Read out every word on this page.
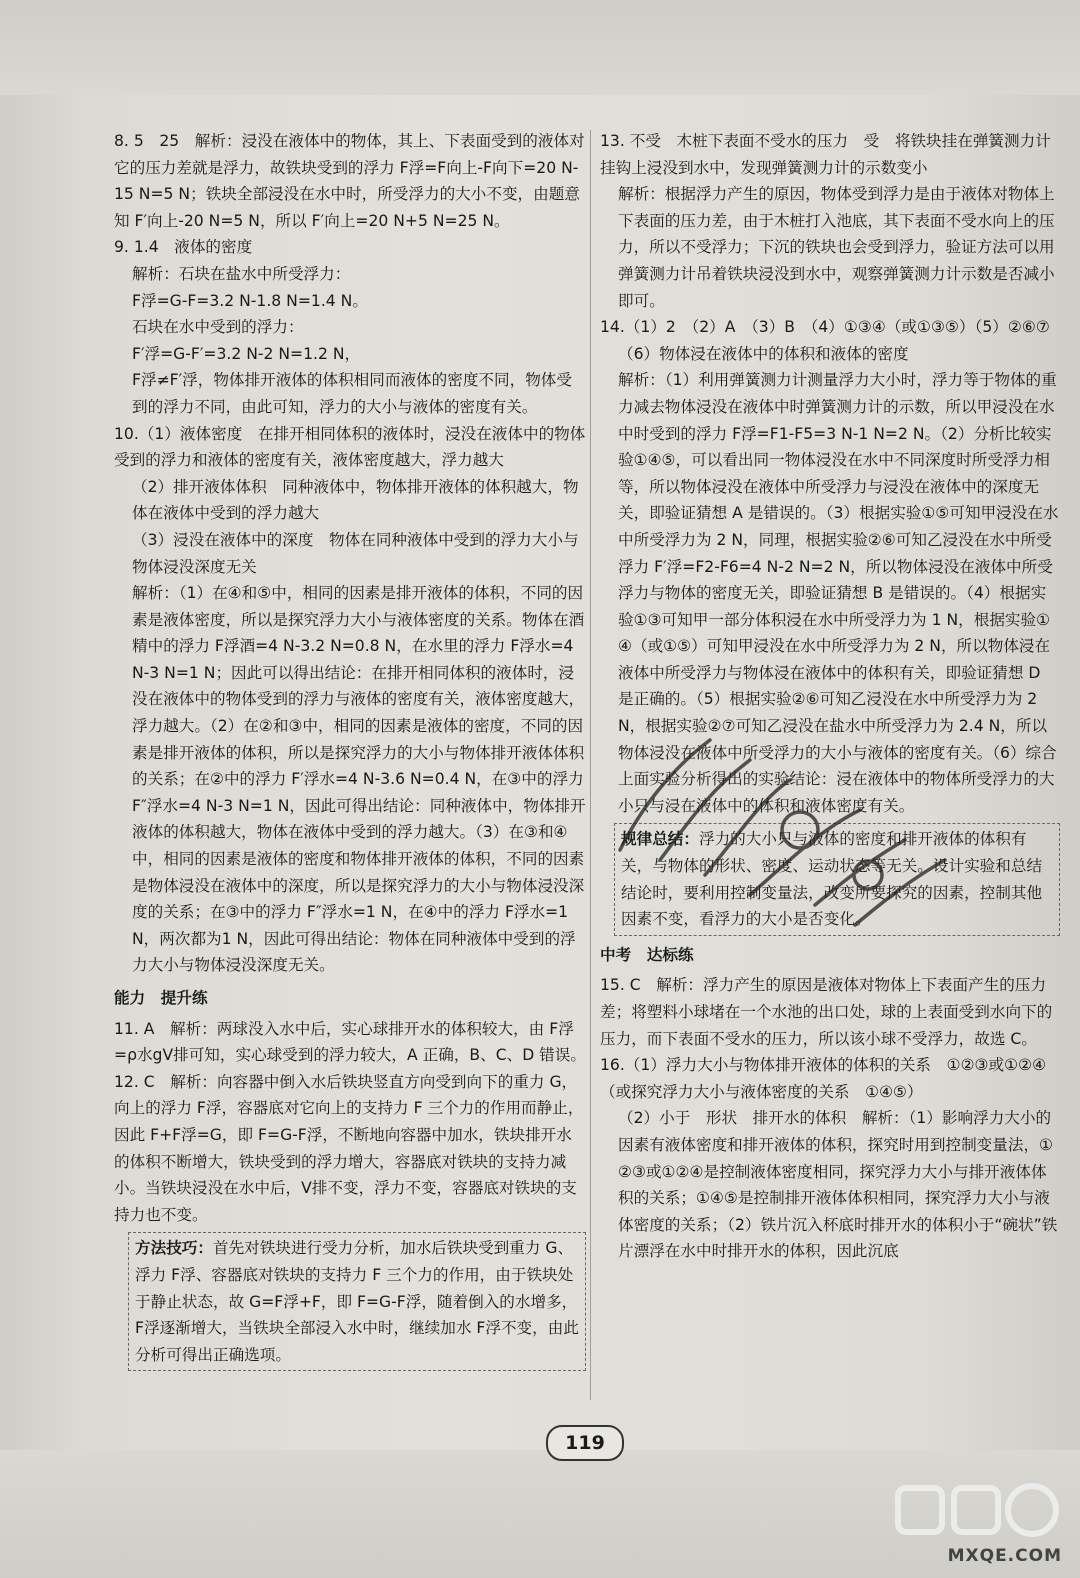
8. 5　25　解析：浸没在液体中的物体，其上、下表面受到的液体对它的压力差就是浮力，故铁块受到的浮力 F浮=F向上-F向下=20 N-15 N=5 N；铁块全部浸没在水中时，所受浮力的大小不变，由题意知 F′向上-20 N=5 N，所以 F′向上=20 N+5 N=25 N。

9. 1.4　液体的密度

解析：石块在盐水中所受浮力：

F浮=G-F=3.2 N-1.8 N=1.4 N。

石块在水中受到的浮力：

F′浮=G-F′=3.2 N-2 N=1.2 N，

F浮≠F′浮，物体排开液体的体积相同而液体的密度不同，物体受到的浮力不同，由此可知，浮力的大小与液体的密度有关。

10.（1）液体密度　在排开相同体积的液体时，浸没在液体中的物体受到的浮力和液体的密度有关，液体密度越大，浮力越大

（2）排开液体体积　同种液体中，物体排开液体的体积越大，物体在液体中受到的浮力越大

（3）浸没在液体中的深度　物体在同种液体中受到的浮力大小与物体浸没深度无关

解析：（1）在④和⑤中，相同的因素是排开液体的体积，不同的因素是液体密度，所以是探究浮力大小与液体密度的关系。物体在酒精中的浮力 F浮酒=4 N-3.2 N=0.8 N，在水里的浮力 F浮水=4 N-3 N=1 N；因此可以得出结论：在排开相同体积的液体时，浸没在液体中的物体受到的浮力与液体的密度有关，液体密度越大，浮力越大。（2）在②和③中，相同的因素是液体的密度，不同的因素是排开液体的体积，所以是探究浮力的大小与物体排开液体体积的关系；在②中的浮力 F′浮水=4 N-3.6 N=0.4 N，在③中的浮力 F″浮水=4 N-3 N=1 N，因此可得出结论：同种液体中，物体排开液体的体积越大，物体在液体中受到的浮力越大。（3）在③和④中，相同的因素是液体的密度和物体排开液体的体积，不同的因素是物体浸没在液体中的深度，所以是探究浮力的大小与物体浸没深度的关系；在③中的浮力 F″浮水=1 N，在④中的浮力 F浮水=1 N，两次都为1 N，因此可得出结论：物体在同种液体中受到的浮力大小与物体浸没深度无关。

能力　提升练

11. A　解析：两球没入水中后，实心球排开水的体积较大，由 F浮=ρ水gV排可知，实心球受到的浮力较大，A 正确，B、C、D 错误。

12. C　解析：向容器中倒入水后铁块竖直方向受到向下的重力 G，向上的浮力 F浮，容器底对它向上的支持力 F 三个力的作用而静止，因此 F+F浮=G，即 F=G-F浮，不断地向容器中加水，铁块排开水的体积不断增大，铁块受到的浮力增大，容器底对铁块的支持力减小。当铁块浸没在水中后，V排不变，浮力不变，容器底对铁块的支持力也不变。

方法技巧：首先对铁块进行受力分析，加水后铁块受到重力 G、浮力 F浮、容器底对铁块的支持力 F 三个力的作用，由于铁块处于静止状态，故 G=F浮+F，即 F=G-F浮，随着倒入的水增多，F浮逐渐增大，当铁块全部浸入水中时，继续加水 F浮不变，由此分析可得出正确选项。

13. 不受　木桩下表面不受水的压力　受　将铁块挂在弹簧测力计挂钩上浸没到水中，发现弹簧测力计的示数变小

解析：根据浮力产生的原因，物体受到浮力是由于液体对物体上下表面的压力差，由于木桩打入池底，其下表面不受水向上的压力，所以不受浮力；下沉的铁块也会受到浮力，验证方法可以用弹簧测力计吊着铁块浸没到水中，观察弹簧测力计示数是否减小即可。

14.（1）2　（2）A　（3）B　（4）①③④（或①③⑤）（5）②⑥⑦

（6）物体浸在液体中的体积和液体的密度

解析：（1）利用弹簧测力计测量浮力大小时，浮力等于物体的重力减去物体浸没在液体中时弹簧测力计的示数，所以甲浸没在水中时受到的浮力 F浮=F1-F5=3 N-1 N=2 N。（2）分析比较实验①④⑤，可以看出同一物体浸没在水中不同深度时所受浮力相等，所以物体浸没在液体中所受浮力与浸没在液体中的深度无关，即验证猜想 A 是错误的。（3）根据实验①⑤可知甲浸没在水中所受浮力为 2 N，同理，根据实验②⑥可知乙浸没在水中所受浮力 F′浮=F2-F6=4 N-2 N=2 N，所以物体浸没在液体中所受浮力与物体的密度无关，即验证猜想 B 是错误的。（4）根据实验①③可知甲一部分体积浸在水中所受浮力为 1 N，根据实验①④（或①⑤）可知甲浸没在水中所受浮力为 2 N，所以物体浸在液体中所受浮力与物体浸在液体中的体积有关，即验证猜想 D 是正确的。（5）根据实验②⑥可知乙浸没在水中所受浮力为 2 N，根据实验②⑦可知乙浸没在盐水中所受浮力为 2.4 N，所以物体浸没在液体中所受浮力的大小与液体的密度有关。（6）综合上面实验分析得出的实验结论：浸在液体中的物体所受浮力的大小只与浸在液体中的体积和液体密度有关。

规律总结：浮力的大小只与液体的密度和排开液体的体积有关，与物体的形状、密度、运动状态等无关。设计实验和总结结论时，要利用控制变量法，改变所要探究的因素，控制其他因素不变，看浮力的大小是否变化。

中考　达标练

15. C　解析：浮力产生的原因是液体对物体上下表面产生的压力差；将塑料小球堵在一个水池的出口处，球的上表面受到水向下的压力，而下表面不受水的压力，所以该小球不受浮力，故选 C。

16.（1）浮力大小与物体排开液体的体积的关系　①②③或①②④（或探究浮力大小与液体密度的关系　①④⑤）

（2）小于　形状　排开水的体积　解析：（1）影响浮力大小的因素有液体密度和排开液体的体积，探究时用到控制变量法，①②③或①②④是控制液体密度相同，探究浮力大小与排开液体体积的关系；①④⑤是控制排开液体体积相同，探究浮力大小与液体密度的关系；（2）铁片沉入杯底时排开水的体积小于“碗状”铁片漂浮在水中时排开水的体积，因此沉底

119
MXQE.COM
